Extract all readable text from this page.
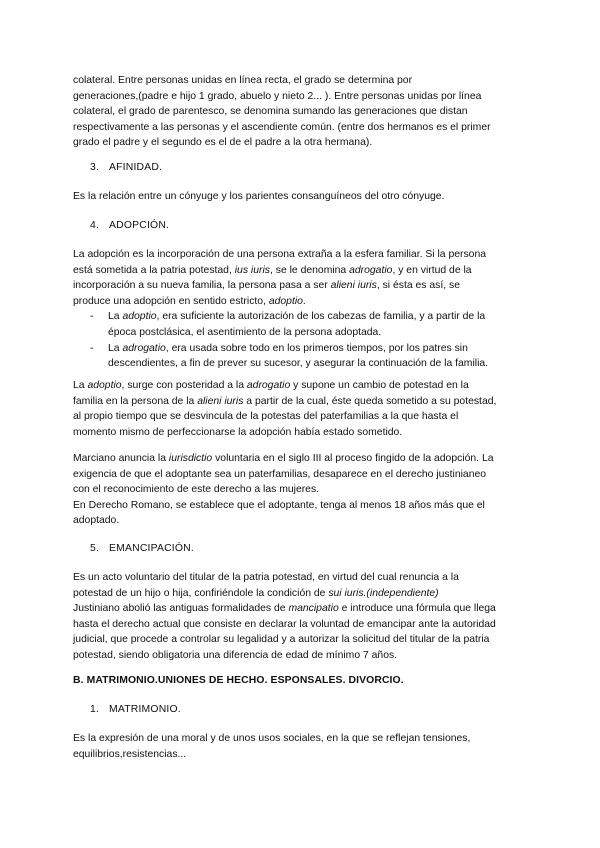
colateral. Entre personas unidas en línea recta, el grado se determina por

generaciones,(padre e hijo 1 grado, abuelo y nieto 2... ). Entre personas unidas por línea

colateral, el grado de parentesco, se denomina sumando las generaciones que distan

respectivamente a las personas y el ascendiente común. (entre dos hermanos es el primer

grado el padre y el segundo es el de el padre a la otra hermana).

3. AFINIDAD.

Es la relación entre un cónyuge y los parientes consanguíneos del otro cónyuge.

4. ADOPCIÓN.

La adopción es la incorporación de una persona extraña a la esfera familiar. Si la persona

está sometida a la patria potestad, ius iuris, se le denomina adrogatio, y en virtud de la

incorporación a su nueva familia, la persona pasa a ser alieni iuris, si ésta es así, se

produce una adopción en sentido estricto, adoptio.

-	La adoptio, era suficiente la autorización de los cabezas de familia, y a partir de la

época postclásica, el asentimiento de la persona adoptada.

-	La adrogatio, era usada sobre todo en los primeros tiempos, por los patres sin

descendientes, a fin de prever su sucesor, y asegurar la continuación de la familia.

La adoptio, surge con posteridad a la adrogatio y supone un cambio de potestad en la

familia en la persona de la alieni iuris a partir de la cual, éste queda sometido a su potestad,

al propio tiempo que se desvincula de la potestas del paterfamilias a la que hasta el

momento mismo de perfeccionarse la adopción había estado sometido.

Marciano anuncia la iurisdictio voluntaria en el siglo III al proceso fingido de la adopción. La

exigencia de que el adoptante sea un paterfamilias, desaparece en el derecho justinianeo

con el reconocimiento de este derecho a las mujeres.

En Derecho Romano, se establece que el adoptante, tenga al menos 18 años más que el

adoptado.

5. EMANCIPACIÓN.

Es un acto voluntario del titular de la patria potestad, en virtud del cual renuncia a la

potestad de un hijo o hija, confiriéndole la condición de sui iuris.(independiente)

Justiniano abolió las antiguas formalidades de mancipatio e introduce una fórmula que llega

hasta el derecho actual que consiste en declarar la voluntad de emancipar ante la autoridad

judicial, que procede a controlar su legalidad y a autorizar la solicitud del titular de la patria

potestad, siendo obligatoria una diferencia de edad de mínimo 7 años.

B. MATRIMONIO.UNIONES DE HECHO. ESPONSALES. DIVORCIO.
1. MATRIMONIO.

Es la expresión de una moral y de unos usos sociales, en la que se reflejan tensiones,

equilibrios,resistencias...
